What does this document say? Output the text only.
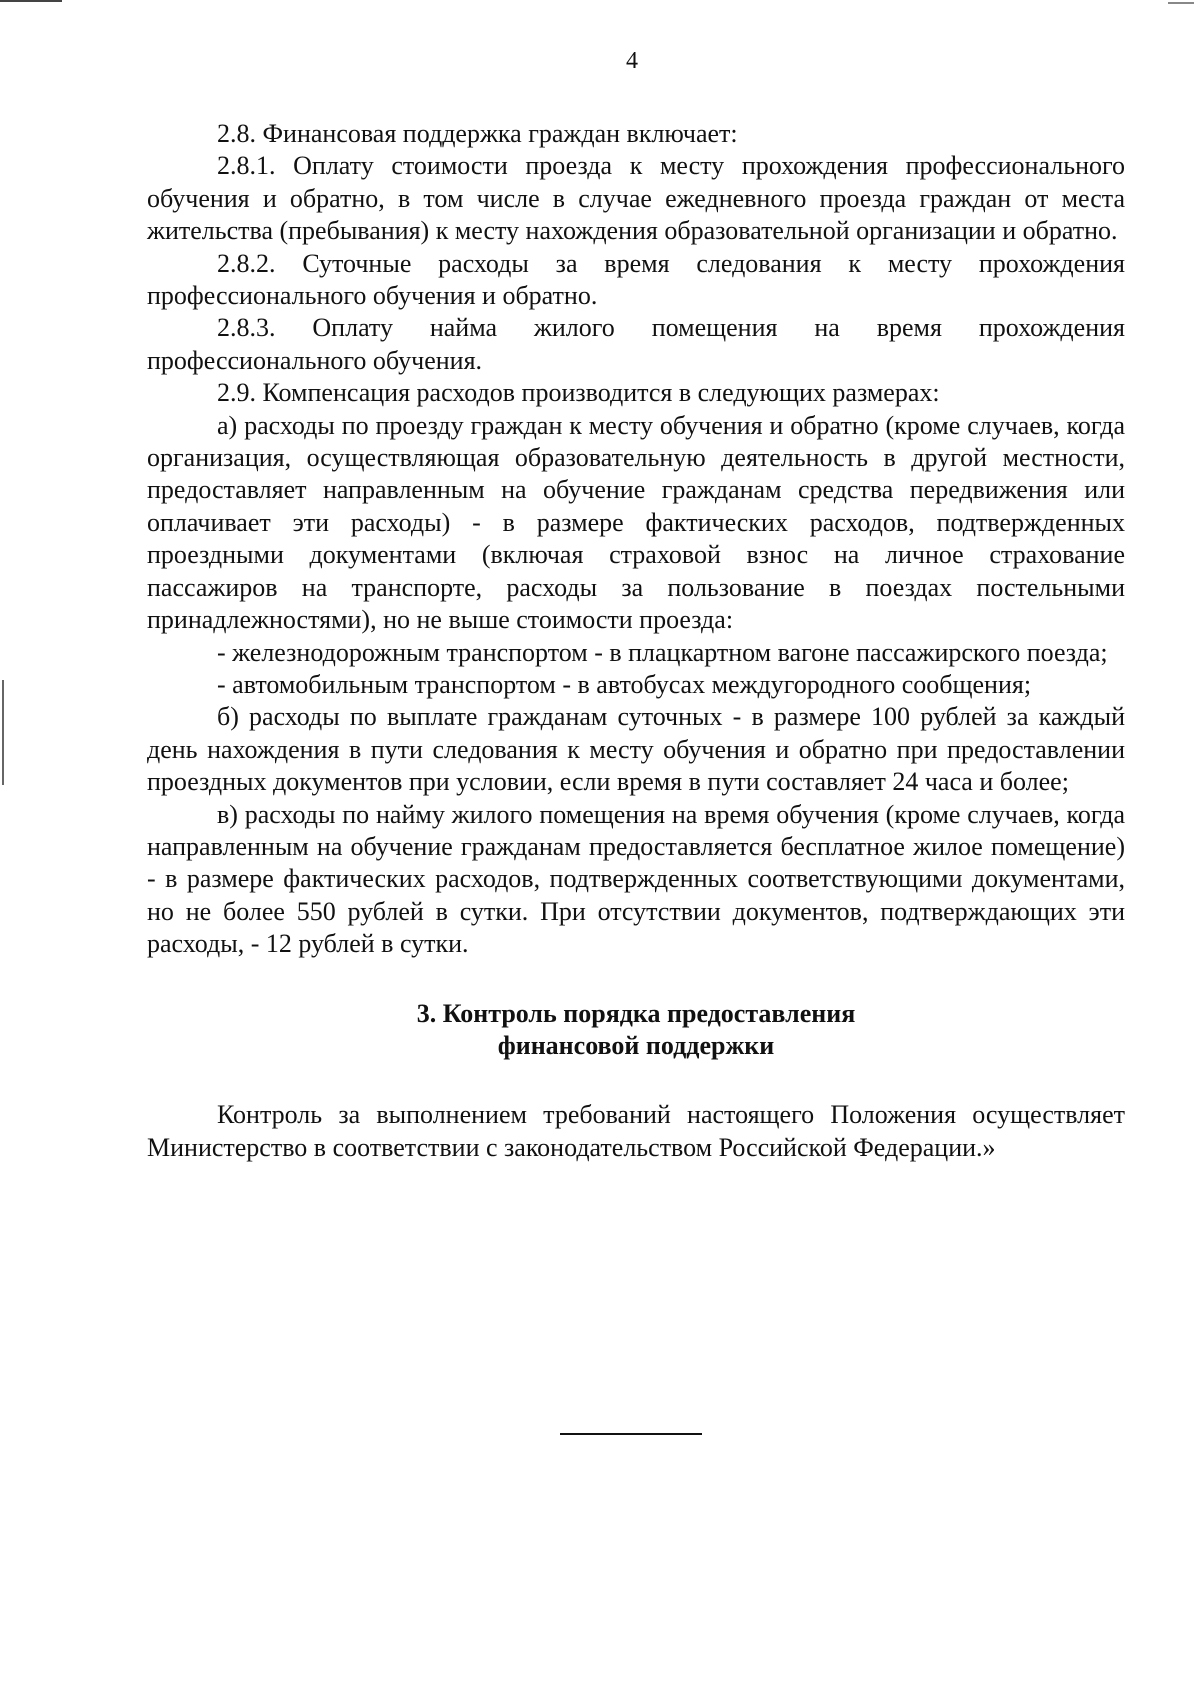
4

2.8. Финансовая поддержка граждан включает:

2.8.1. Оплату стоимости проезда к месту прохождения профессионального обучения и обратно, в том числе в случае ежедневного проезда граждан от места жительства (пребывания) к месту нахождения образовательной организации и обратно.

2.8.2. Суточные расходы за время следования к месту прохождения профессионального обучения и обратно.

2.8.3. Оплату найма жилого помещения на время прохождения профессионального обучения.

2.9. Компенсация расходов производится в следующих размерах:

а) расходы по проезду граждан к месту обучения и обратно (кроме случаев, когда организация, осуществляющая образовательную деятельность в другой местности, предоставляет направленным на обучение гражданам средства передвижения или оплачивает эти расходы) - в размере фактических расходов, подтвержденных проездными документами (включая страховой взнос на личное страхование пассажиров на транспорте, расходы за пользование в поездах постельными принадлежностями), но не выше стоимости проезда:

- железнодорожным транспортом - в плацкартном вагоне пассажирского поезда;

- автомобильным транспортом - в автобусах междугородного сообщения;

б) расходы по выплате гражданам суточных - в размере 100 рублей за каждый день нахождения в пути следования к месту обучения и обратно при предоставлении проездных документов при условии, если время в пути составляет 24 часа и более;

в) расходы по найму жилого помещения на время обучения (кроме случаев, когда направленным на обучение гражданам предоставляется бесплатное жилое помещение) - в размере фактических расходов, подтвержденных соответствующими документами, но не более 550 рублей в сутки. При отсутствии документов, подтверждающих эти расходы, - 12 рублей в сутки.

3. Контроль порядка предоставления
финансовой поддержки

Контроль за выполнением требований настоящего Положения осуществляет Министерство в соответствии с законодательством Российской Федерации.»
